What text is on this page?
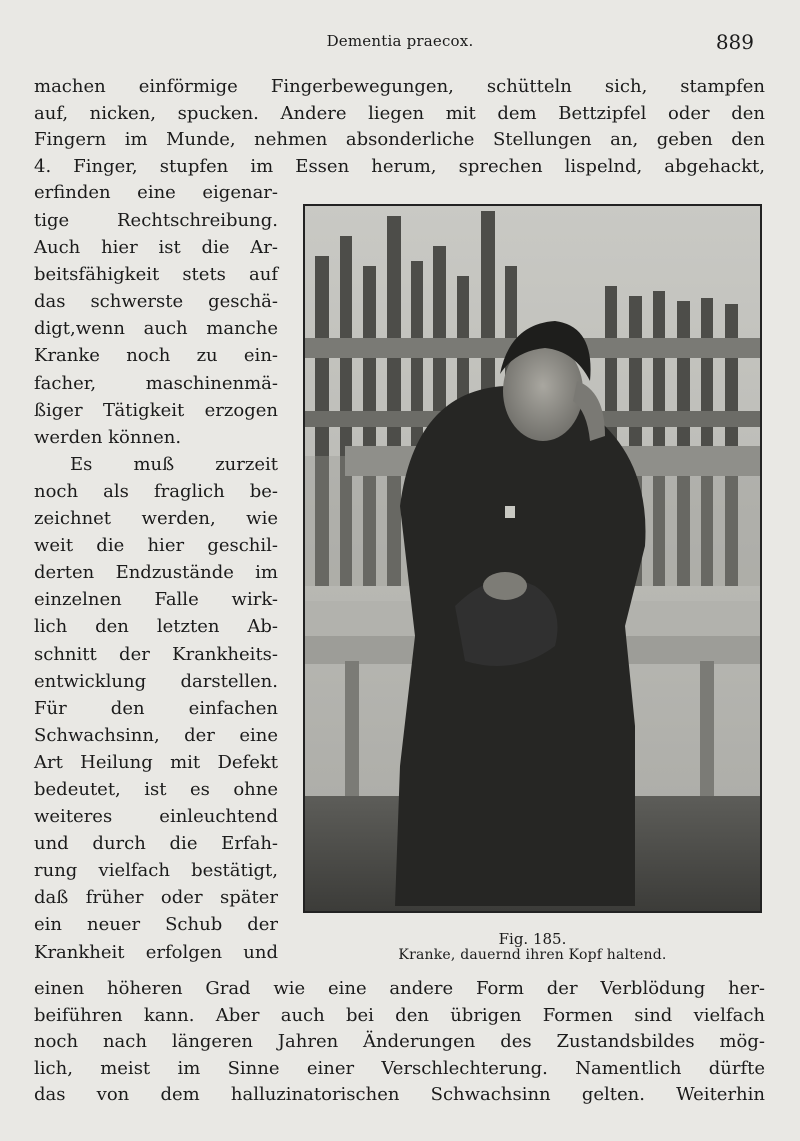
Dementia praecox.	889
machen einförmige Fingerbewegungen, schütteln sich, stampfen
auf, nicken, spucken. Andere liegen mit dem Bettzipfel oder den
Fingern im Munde, nehmen absonderliche Stellungen an, geben den
4. Finger, stupfen im Essen herum, sprechen lispelnd, abgehackt,
erfinden eine eigenar-
tige Rechtschreibung.
Auch hier ist die Ar-
beitsfähigkeit stets auf
das schwerste geschä-
digt,wenn auch manche
Kranke noch zu ein-
facher, maschinenmä-
ßiger Tätigkeit erzogen
werden können.
Es muß zurzeit
noch als fraglich be-
zeichnet werden, wie
weit die hier geschil-
derten Endzustände im
einzelnen Falle wirk-
lich den letzten Ab-
schnitt der Krankheits-
entwicklung darstellen.
Für den einfachen
Schwachsinn, der eine
Art Heilung mit Defekt
bedeutet, ist es ohne
weiteres einleuchtend
und durch die Erfah-
rung vielfach bestätigt,
daß früher oder später
ein neuer Schub der
Krankheit erfolgen und
Fig. 185.
Kranke, dauernd ihren Kopf haltend.
einen höheren Grad wie eine andere Form der Verblödung her-
beiführen kann. Aber auch bei den übrigen Formen sind vielfach
noch nach längeren Jahren Änderungen des Zustandsbildes mög-
lich, meist im Sinne einer Verschlechterung. Namentlich dürfte
das von dem halluzinatorischen Schwachsinn gelten. Weiterhin
